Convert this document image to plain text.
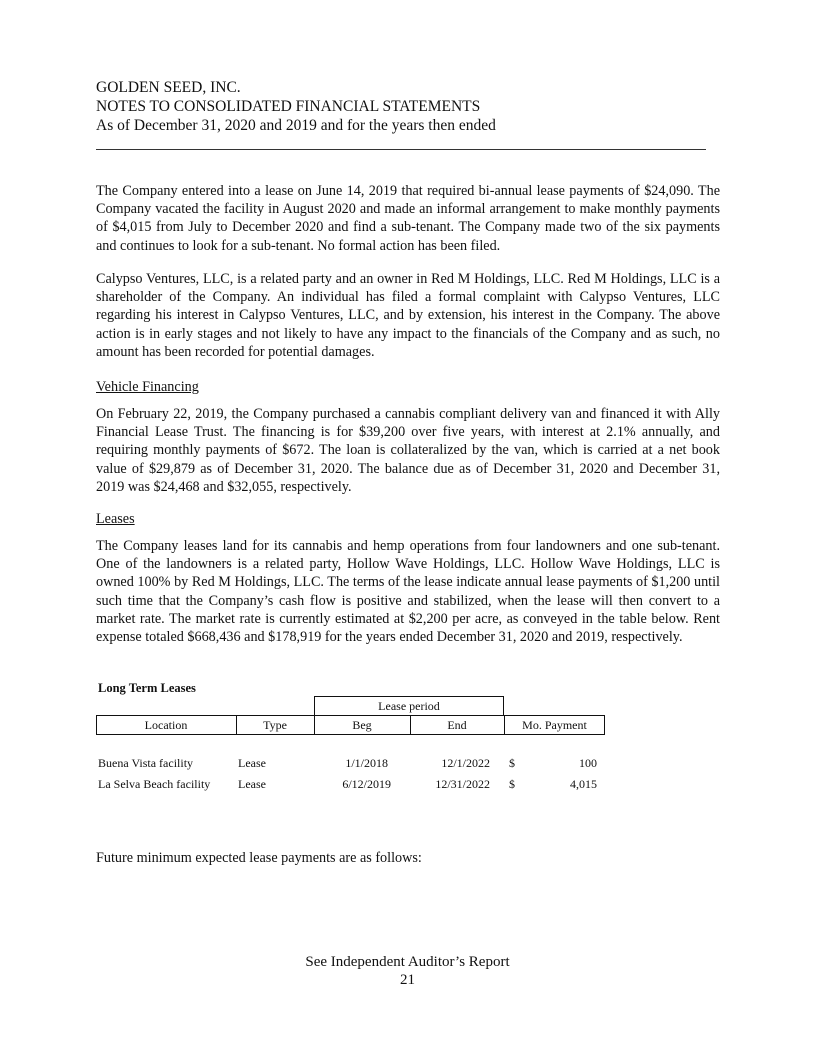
GOLDEN SEED, INC.
NOTES TO CONSOLIDATED FINANCIAL STATEMENTS
As of December 31, 2020 and 2019 and for the years then ended

The Company entered into a lease on June 14, 2019 that required bi-annual lease payments of $24,090. The Company vacated the facility in August 2020 and made an informal arrangement to make monthly payments of $4,015 from July to December 2020 and find a sub-tenant. The Company made two of the six payments and continues to look for a sub-tenant. No formal action has been filed.

Calypso Ventures, LLC, is a related party and an owner in Red M Holdings, LLC. Red M Holdings, LLC is a shareholder of the Company. An individual has filed a formal complaint with Calypso Ventures, LLC regarding his interest in Calypso Ventures, LLC, and by extension, his interest in the Company. The above action is in early stages and not likely to have any impact to the financials of the Company and as such, no amount has been recorded for potential damages.

Vehicle Financing

On February 22, 2019, the Company purchased a cannabis compliant delivery van and financed it with Ally Financial Lease Trust. The financing is for $39,200 over five years, with interest at 2.1% annually, and requiring monthly payments of $672. The loan is collateralized by the van, which is carried at a net book value of $29,879 as of December 31, 2020. The balance due as of December 31, 2020 and December 31, 2019 was $24,468 and $32,055, respectively.

Leases

The Company leases land for its cannabis and hemp operations from four landowners and one sub-tenant. One of the landowners is a related party, Hollow Wave Holdings, LLC. Hollow Wave Holdings, LLC is owned 100% by Red M Holdings, LLC. The terms of the lease indicate annual lease payments of $1,200 until such time that the Company’s cash flow is positive and stabilized, when the lease will then convert to a market rate. The market rate is currently estimated at $2,200 per acre, as conveyed in the table below. Rent expense totaled $668,436 and $178,919 for the years ended December 31, 2020 and 2019, respectively.

Long Term Leases
Lease period
Location	Type	Beg	End	Mo. Payment
Buena Vista facility	Lease	1/1/2018	12/1/2022 $	100
La Selva Beach facility Lease	6/12/2019	12/31/2022 $	4,015

Future minimum expected lease payments are as follows:

See Independent Auditor’s Report
21
